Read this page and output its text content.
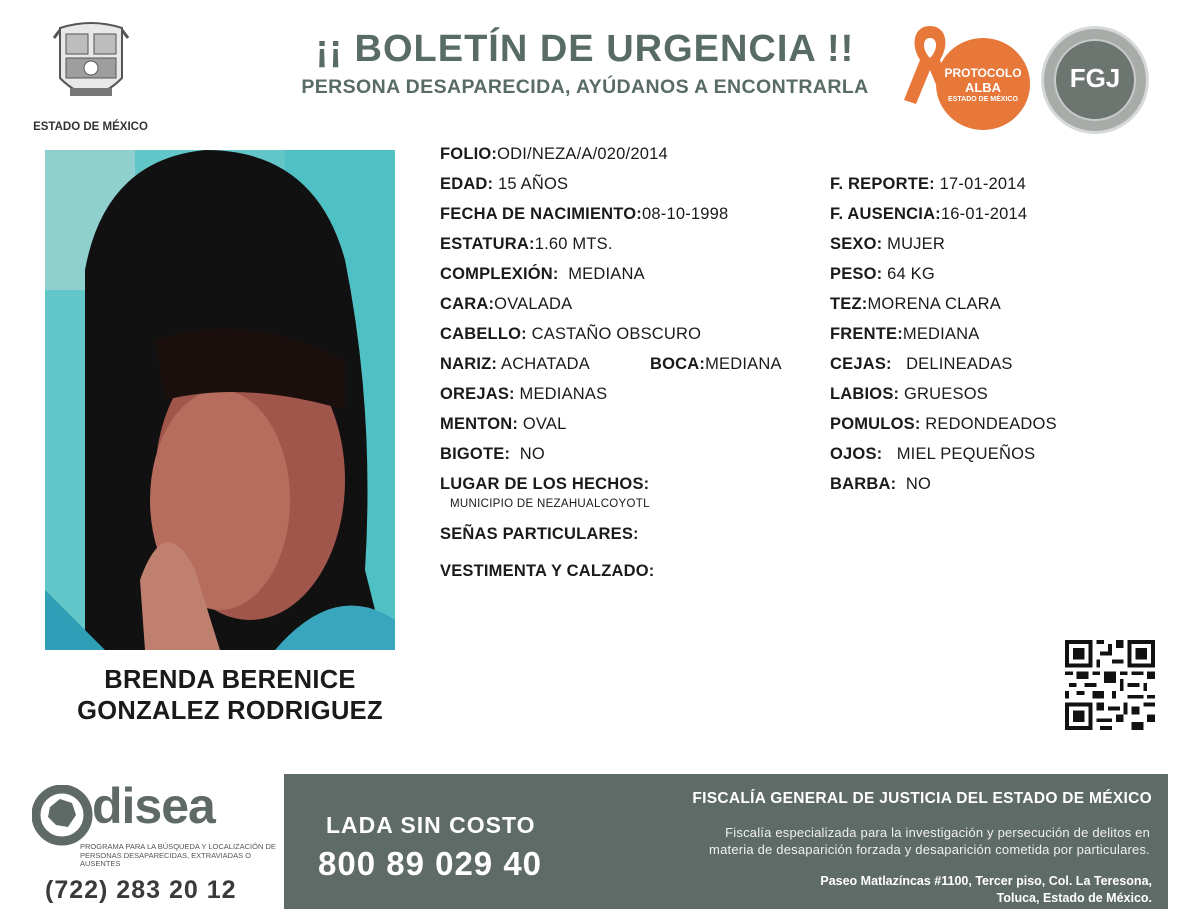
ESTADO DE MÉXICO
¡¡ BOLETÍN DE URGENCIA !!
PERSONA DESAPARECIDA, AYÚDANOS A ENCONTRARLA
PROTOCOLO
ALBA
ESTADO DE MÉXICO
FGJ
BRENDA BERENICE
GONZALEZ RODRIGUEZ
FOLIO:ODI/NEZA/A/020/2014
EDAD: 15 AÑOS
FECHA DE NACIMIENTO:08-10-1998
ESTATURA:1.60 MTS.
COMPLEXIÓN:  MEDIANA
CARA:OVALADA
CABELLO: CASTAÑO OBSCURO
NARIZ: ACHATADA	BOCA:MEDIANA
OREJAS: MEDIANAS
MENTON: OVAL
BIGOTE:  NO
LUGAR DE LOS HECHOS:
MUNICIPIO DE NEZAHUALCOYOTL
SEÑAS PARTICULARES:
VESTIMENTA Y CALZADO:
F. REPORTE: 17-01-2014
F. AUSENCIA:16-01-2014
SEXO: MUJER
PESO: 64 KG
TEZ:MORENA CLARA
FRENTE:MEDIANA
CEJAS:   DELINEADAS
LABIOS: GRUESOS
POMULOS: REDONDEADOS
OJOS:   MIEL PEQUEÑOS
BARBA:  NO
disea
PROGRAMA PARA LA BÚSQUEDA Y LOCALIZACIÓN DE PERSONAS DESAPARECIDAS, EXTRAVIADAS O AUSENTES
(722) 283 20 12
LADA SIN COSTO
800 89 029 40
FISCALÍA GENERAL DE JUSTICIA DEL ESTADO DE MÉXICO
Fiscalía especializada para la investigación y persecución de delitos en
materia de desaparición forzada y desaparición cometida por particulares.
Paseo Matlazíncas #1100, Tercer piso, Col. La Teresona,
Toluca, Estado de México.
